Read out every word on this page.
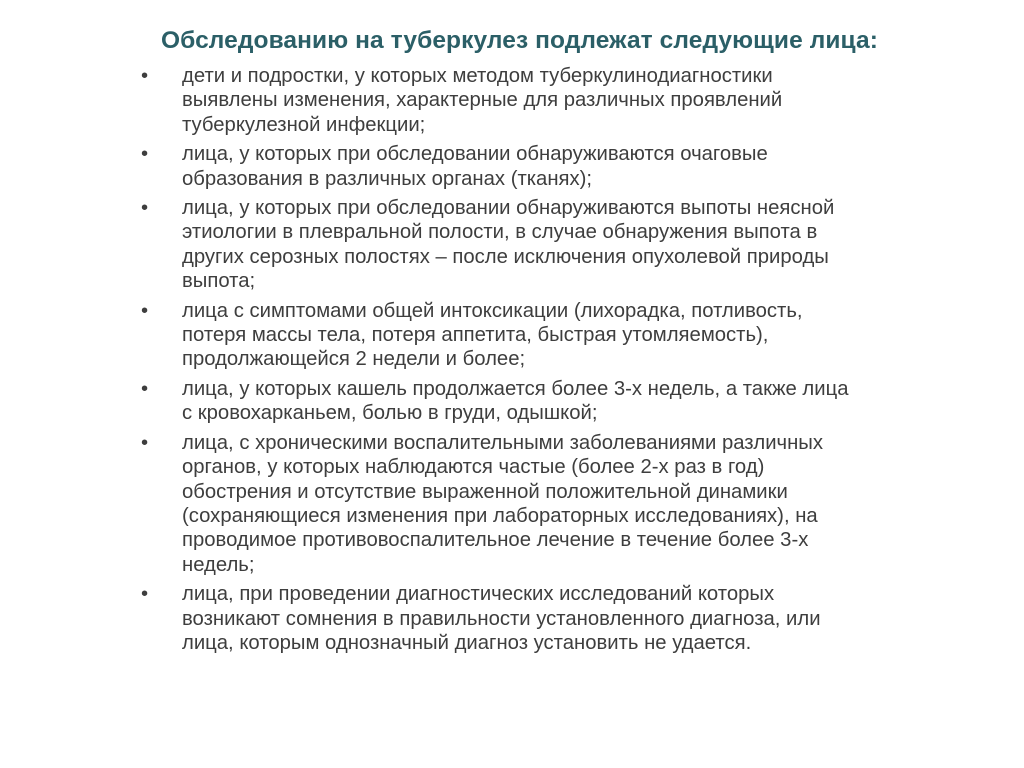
Обследованию на туберкулез подлежат следующие лица:
•	дети и подростки, у которых методом туберкулинодиагностики
выявлены изменения, характерные для различных проявлений
туберкулезной инфекции;
•	лица, у которых при обследовании обнаруживаются очаговые
образования в различных органах (тканях);
•	лица, у которых при обследовании обнаруживаются выпоты неясной
этиологии в плевральной полости, в случае обнаружения выпота в
других серозных полостях – после исключения опухолевой природы
выпота;
•	лица с симптомами общей интоксикации (лихорадка, потливость,
потеря массы тела, потеря аппетита, быстрая утомляемость),
продолжающейся 2 недели и более;
•	лица, у которых кашель продолжается более 3-х недель, а также лица
с кровохарканьем, болью в груди, одышкой;
•	лица, с хроническими воспалительными заболеваниями различных
органов, у которых наблюдаются частые (более 2-х раз в год)
обострения и отсутствие выраженной положительной динамики
(сохраняющиеся изменения при лабораторных исследованиях), на
проводимое противовоспалительное лечение в течение более 3-х
недель;
•	лица, при проведении диагностических исследований которых
возникают сомнения в правильности установленного диагноза, или
лица, которым однозначный диагноз установить не удается.
